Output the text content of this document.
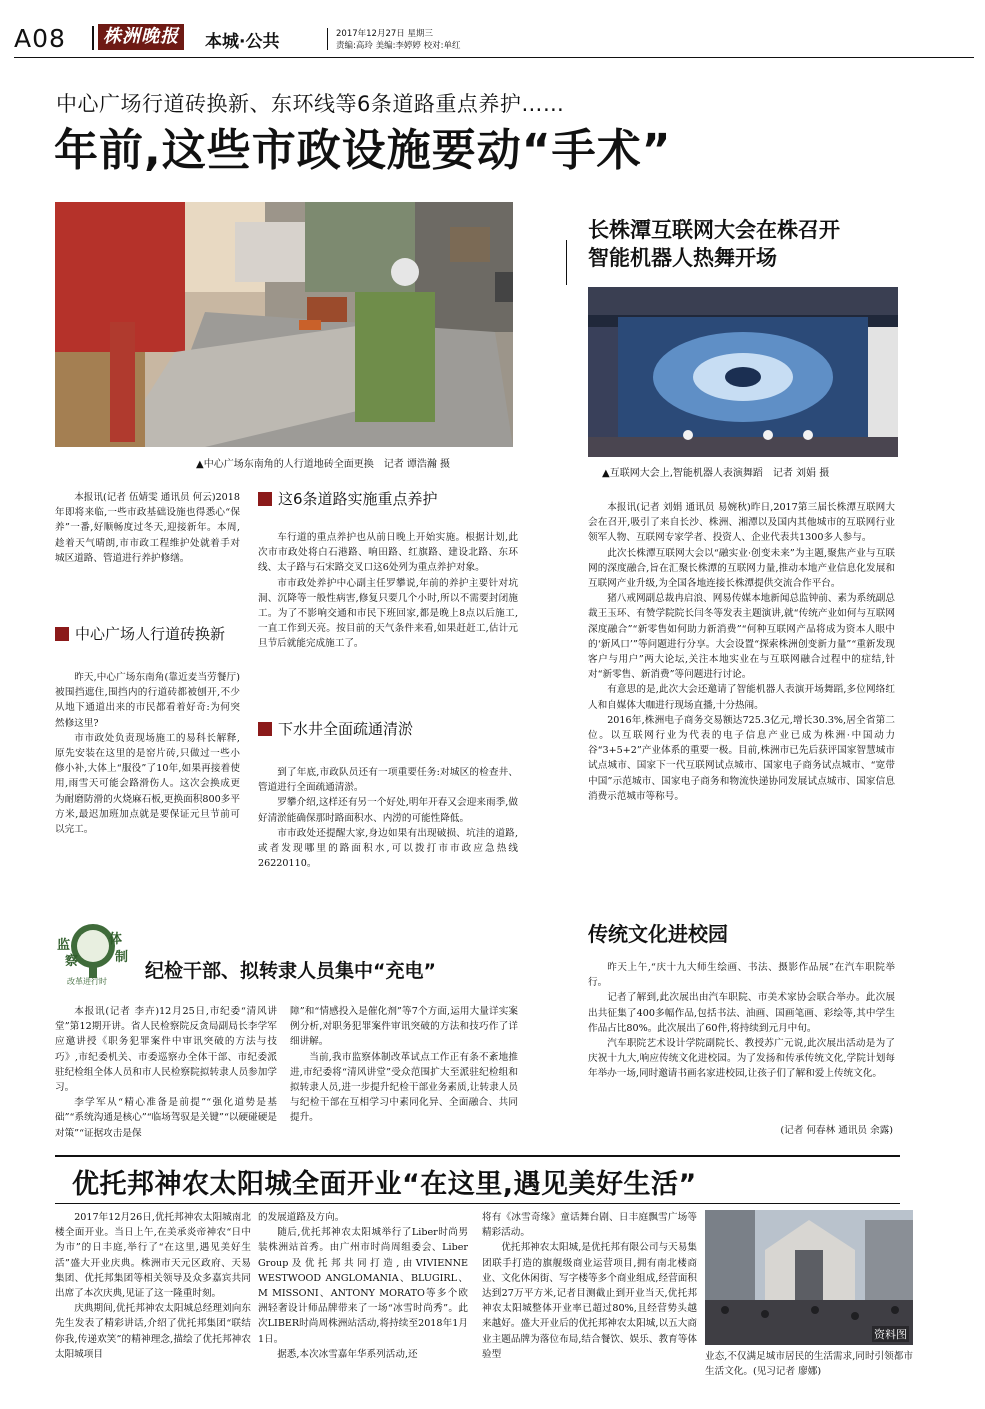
A08 株洲晚报 本城·公共	2017年12月27日 星期三
责编:高玲 美编:李婷婷 校对:单红
中心广场行道砖换新、东环线等6条道路重点养护……
年前,这些市政设施要动“手术”
▲中心广场东南角的人行道地砖全面更换　记者 谭浩瀚 摄

本报讯(记者 伍婧雯 通讯员 何云)2018年即将来临,一些市政基础设施也得悉心“保养”一番,好顺畅度过冬天,迎接新年。本周,趁着天气晴朗,市市政工程维护处就着手对城区道路、管道进行养护修缮。

中心广场人行道砖换新

昨天,中心广场东南角(靠近麦当劳餐厅)被围挡遮住,围挡内的行道砖都被刨开,不少从地下通道出来的市民都看着好奇:为何突然修这里?

市市政处负责现场施工的易科长解释,原先安装在这里的是窑片砖,只做过一些小修小补,大体上“服役”了10年,如果再接着使用,雨雪天可能会路滑伤人。这次会换成更为耐磨防滑的火烧麻石板,更换面积800多平方米,最迟加班加点就是要保证元旦节前可以完工。

这6条道路实施重点养护

车行道的重点养护也从前日晚上开始实施。根据计划,此次市市政处将白石港路、响田路、红旗路、建设北路、东环线、太子路与石宋路交叉口这6处列为重点养护对象。

市市政处养护中心副主任罗攀说,年前的养护主要针对坑洞、沉降等一般性病害,修复只要几个小时,所以不需要封闭施工。为了不影响交通和市民下班回家,都是晚上8点以后施工,一直工作到天亮。按目前的天气条件来看,如果赶赶工,估计元旦节后就能完成施工了。

下水井全面疏通清淤

到了年底,市政队员还有一项重要任务:对城区的检查井、管道进行全面疏通清淤。

罗攀介绍,这样还有另一个好处,明年开春又会迎来雨季,做好清淤能确保那时路面积水、内涝的可能性降低。

市市政处还提醒大家,身边如果有出现破损、坑洼的道路,或者发现哪里的路面积水,可以拨打市市政应急热线26220110。

长株潭互联网大会在株召开
智能机器人热舞开场
▲互联网大会上,智能机器人表演舞蹈　记者 刘娟 摄

本报讯(记者 刘娟 通讯员 易婉秋)昨日,2017第三届长株潭互联网大会在召开,吸引了来自长沙、株洲、湘潭以及国内其他城市的互联网行业领军人物、互联网专家学者、投资人、企业代表共1300多人参与。

此次长株潭互联网大会以“融实业·创变未来”为主题,聚焦产业与互联网的深度融合,旨在汇聚长株潭的互联网力量,推动本地产业信息化发展和互联网产业升级,为全国各地连接长株潭提供交流合作平台。

猪八戒网副总裁冉启浪、网易传媒本地新闻总监钟前、素为系统副总裁王玉环、有赞学院院长闫冬等发表主题演讲,就“传统产业如何与互联网深度融合”“新零售如何助力新消费”“何种互联网产品将成为资本人眼中的‘新风口’”等问题进行分享。大会设置“探索株洲创变新力量”“重新发现客户与用户”两大论坛,关注本地实业在与互联网融合过程中的症结,针对“新零售、新消费”等问题进行讨论。

有意思的是,此次大会还邀请了智能机器人表演开场舞蹈,多位网络红人和自媒体大咖进行现场直播,十分热闹。

2016年,株洲电子商务交易额达725.3亿元,增长30.3%,居全省第二位。以互联网行业为代表的电子信息产业已成为株洲·中国动力谷“3+5+2”产业体系的重要一极。目前,株洲市已先后获评国家智慧城市试点城市、国家下一代互联网试点城市、国家电子商务试点城市、“宽带中国”示范城市、国家电子商务和物流快递协同发展试点城市、国家信息消费示范城市等称号。

传统文化进校园

昨天上午,“庆十九大师生绘画、书法、摄影作品展”在汽车职院举行。

记者了解到,此次展出由汽车职院、市美术家协会联合举办。此次展出共征集了400多幅作品,包括书法、油画、国画笔画、彩绘等,其中学生作品占比80%。此次展出了60件,将持续到元月中旬。

汽车职院艺术设计学院副院长、教授苏广元说,此次展出活动是为了庆祝十九大,响应传统文化进校园。为了发扬和传承传统文化,学院计划每年举办一场,同时邀请书画名家进校园,让孩子们了解和爱上传统文化。

(记者 何春林 通讯员 余露)
监
察
体
制
改革进行时 纪检干部、拟转隶人员集中“充电”

本报讯(记者 李卉)12月25日,市纪委“清风讲堂”第12期开讲。省人民检察院反贪局副局长李学军应邀讲授《职务犯罪案件中审讯突破的方法与技巧》,市纪委机关、市委巡察办全体干部、市纪委派驻纪检组全体人员和市人民检察院拟转隶人员参加学习。

李学军从“精心准备是前提”“强化道势是基础”“系统沟通是核心”“临场驾驭是关键”“以硬碰硬是对策”“证据攻击是保

障”和“情感投入是催化剂”等7个方面,运用大量详实案例分析,对职务犯罪案件审讯突破的方法和技巧作了详细讲解。

当前,我市监察体制改革试点工作正有条不紊地推进,市纪委将“清风讲堂”受众范围扩大至派驻纪检组和拟转隶人员,进一步提升纪检干部业务素质,让转隶人员与纪检干部在互相学习中素同化异、全面融合、共同提升。

优托邦神农太阳城全面开业“在这里,遇见美好生活”

2017年12月26日,优托邦神农太阳城南北楼全面开业。当日上午,在美承炎帝神农“日中为市”的日丰庭,举行了“在这里,遇见美好生活”盛大开业庆典。株洲市天元区政府、天易集团、优托邦集团等相关领导及众多嘉宾共同出席了本次庆典,见证了这一隆重时刻。

庆典期间,优托邦神农太阳城总经理刘向东先生发表了精彩讲话,介绍了优托邦集团“联结你我,传递欢笑”的精神理念,描绘了优托邦神农太阳城项目

的发展道路及方向。

随后,优托邦神农太阳城举行了Liber时尚男装株洲站首秀。由广州市时尚周组委会、Liber Group及优托邦共同打造,由VIVIENNE WESTWOOD ANGLOMANIA、BLUGIRL、M MISSONI、ANTONY MORATO等多个欧洲轻奢设计师品牌带来了一场“冰雪时尚秀”。此次LIBER时尚周株洲站活动,将持续至2018年1月1日。

据悉,本次冰雪嘉年华系列活动,还

将有《冰雪奇缘》童话舞台剧、日丰庭飘雪广场等精彩活动。

优托邦神农太阳城,是优托邦有限公司与天易集团联手打造的旗舰级商业运营项目,拥有南北楼商业、文化休闲街、写字楼等多个商业组成,经营面积达到27万平方米,记者目测截止到开业当天,优托邦神农太阳城整体开业率已超过80%,且经营势头越来越好。盛大开业后的优托邦神农太阳城,以五大商业主题品牌为落位布局,结合餐饮、娱乐、教育等体验型

资料图

业态,不仅满足城市居民的生活需求,同时引领都市生活文化。(见习记者 廖娜)
